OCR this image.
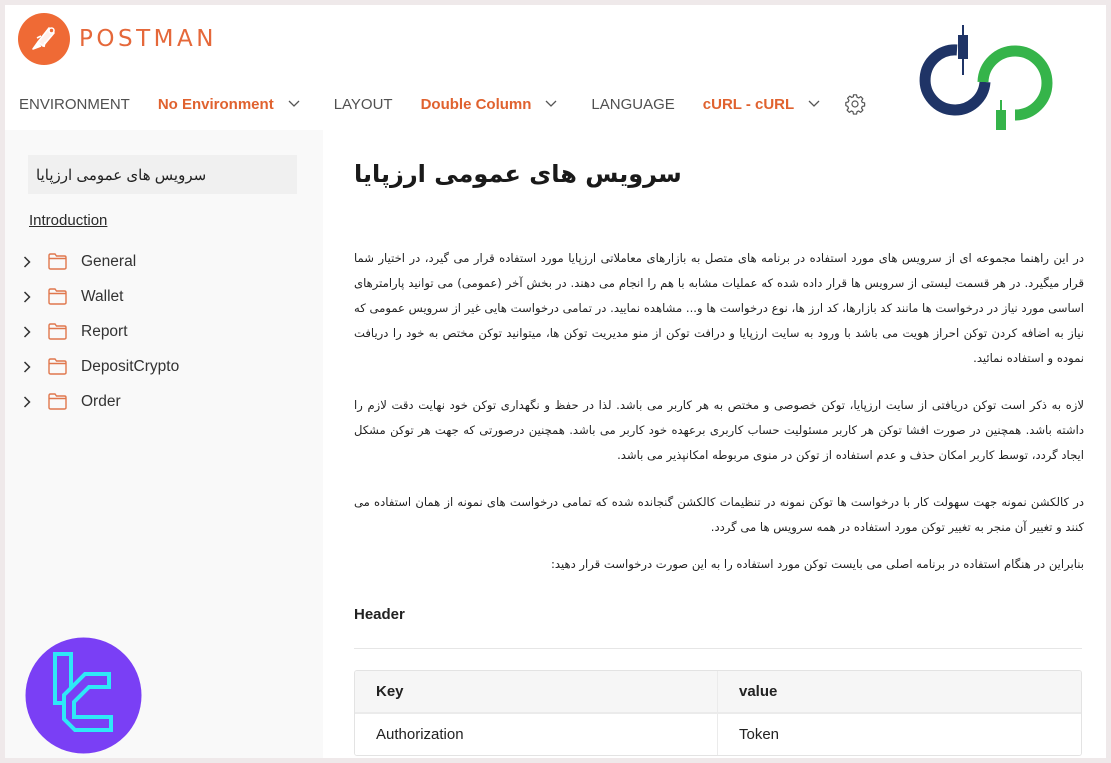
POSTMAN
ENVIRONMENT No Environment	LAYOUT Double Column	LANGUAGE cURL - cURL
سرویس های عمومی ارزپایا
Introduction
General
Wallet
Report
DepositCrypto
Order
سرویس های عمومی ارزپایا

در این راهنما مجموعه ای از سرویس های مورد استفاده در برنامه های متصل به بازارهای معاملاتی ارزپایا مورد استفاده قرار می گیرد، در اختیار شما قرار میگیرد. در هر قسمت لیستی از سرویس ها قرار داده شده که عملیات مشابه با هم را انجام می دهند. در بخش آخر (عمومی) می توانید پارامترهای اساسی مورد نیاز در درخواست ها مانند کد بازارها، کد ارز ها، نوع درخواست ها و... مشاهده نمایید. در تمامی درخواست هایی غیر از سرویس عمومی که نیاز به اضافه کردن توکن احراز هویت می باشد با ورود به سایت ارزپایا و درافت توکن از منو مدیریت توکن ها، میتوانید توکن مختص به خود را دریافت نموده و استفاده نمائید.

لازه به ذکر است توکن دریافتی از سایت ارزپایا، توکن خصوصی و مختص به هر کاربر می باشد. لذا در حفظ و نگهداری توکن خود نهایت دقت لازم را داشته باشد. همچنین در صورت افشا توکن هر کاربر مسئولیت حساب کاربری برعهده خود کاربر می باشد. همچنین درصورتی که جهت هر توکن مشکل ایجاد گردد، توسط کاربر امکان حذف و عدم استفاده از توکن در منوی مربوطه امکانپذیر می باشد.

در کالکشن نمونه جهت سهولت کار با درخواست ها توکن نمونه در تنظیمات کالکشن گنجانده شده که تمامی درخواست های نمونه از همان استفاده می کنند و تغییر آن منجر به تغییر توکن مورد استفاده در همه سرویس ها می گردد.

بنابراین در هنگام استفاده در برنامه اصلی می بایست توکن مورد استفاده را به این صورت درخواست قرار دهید:

Header
Key	value
Authorization	Token
